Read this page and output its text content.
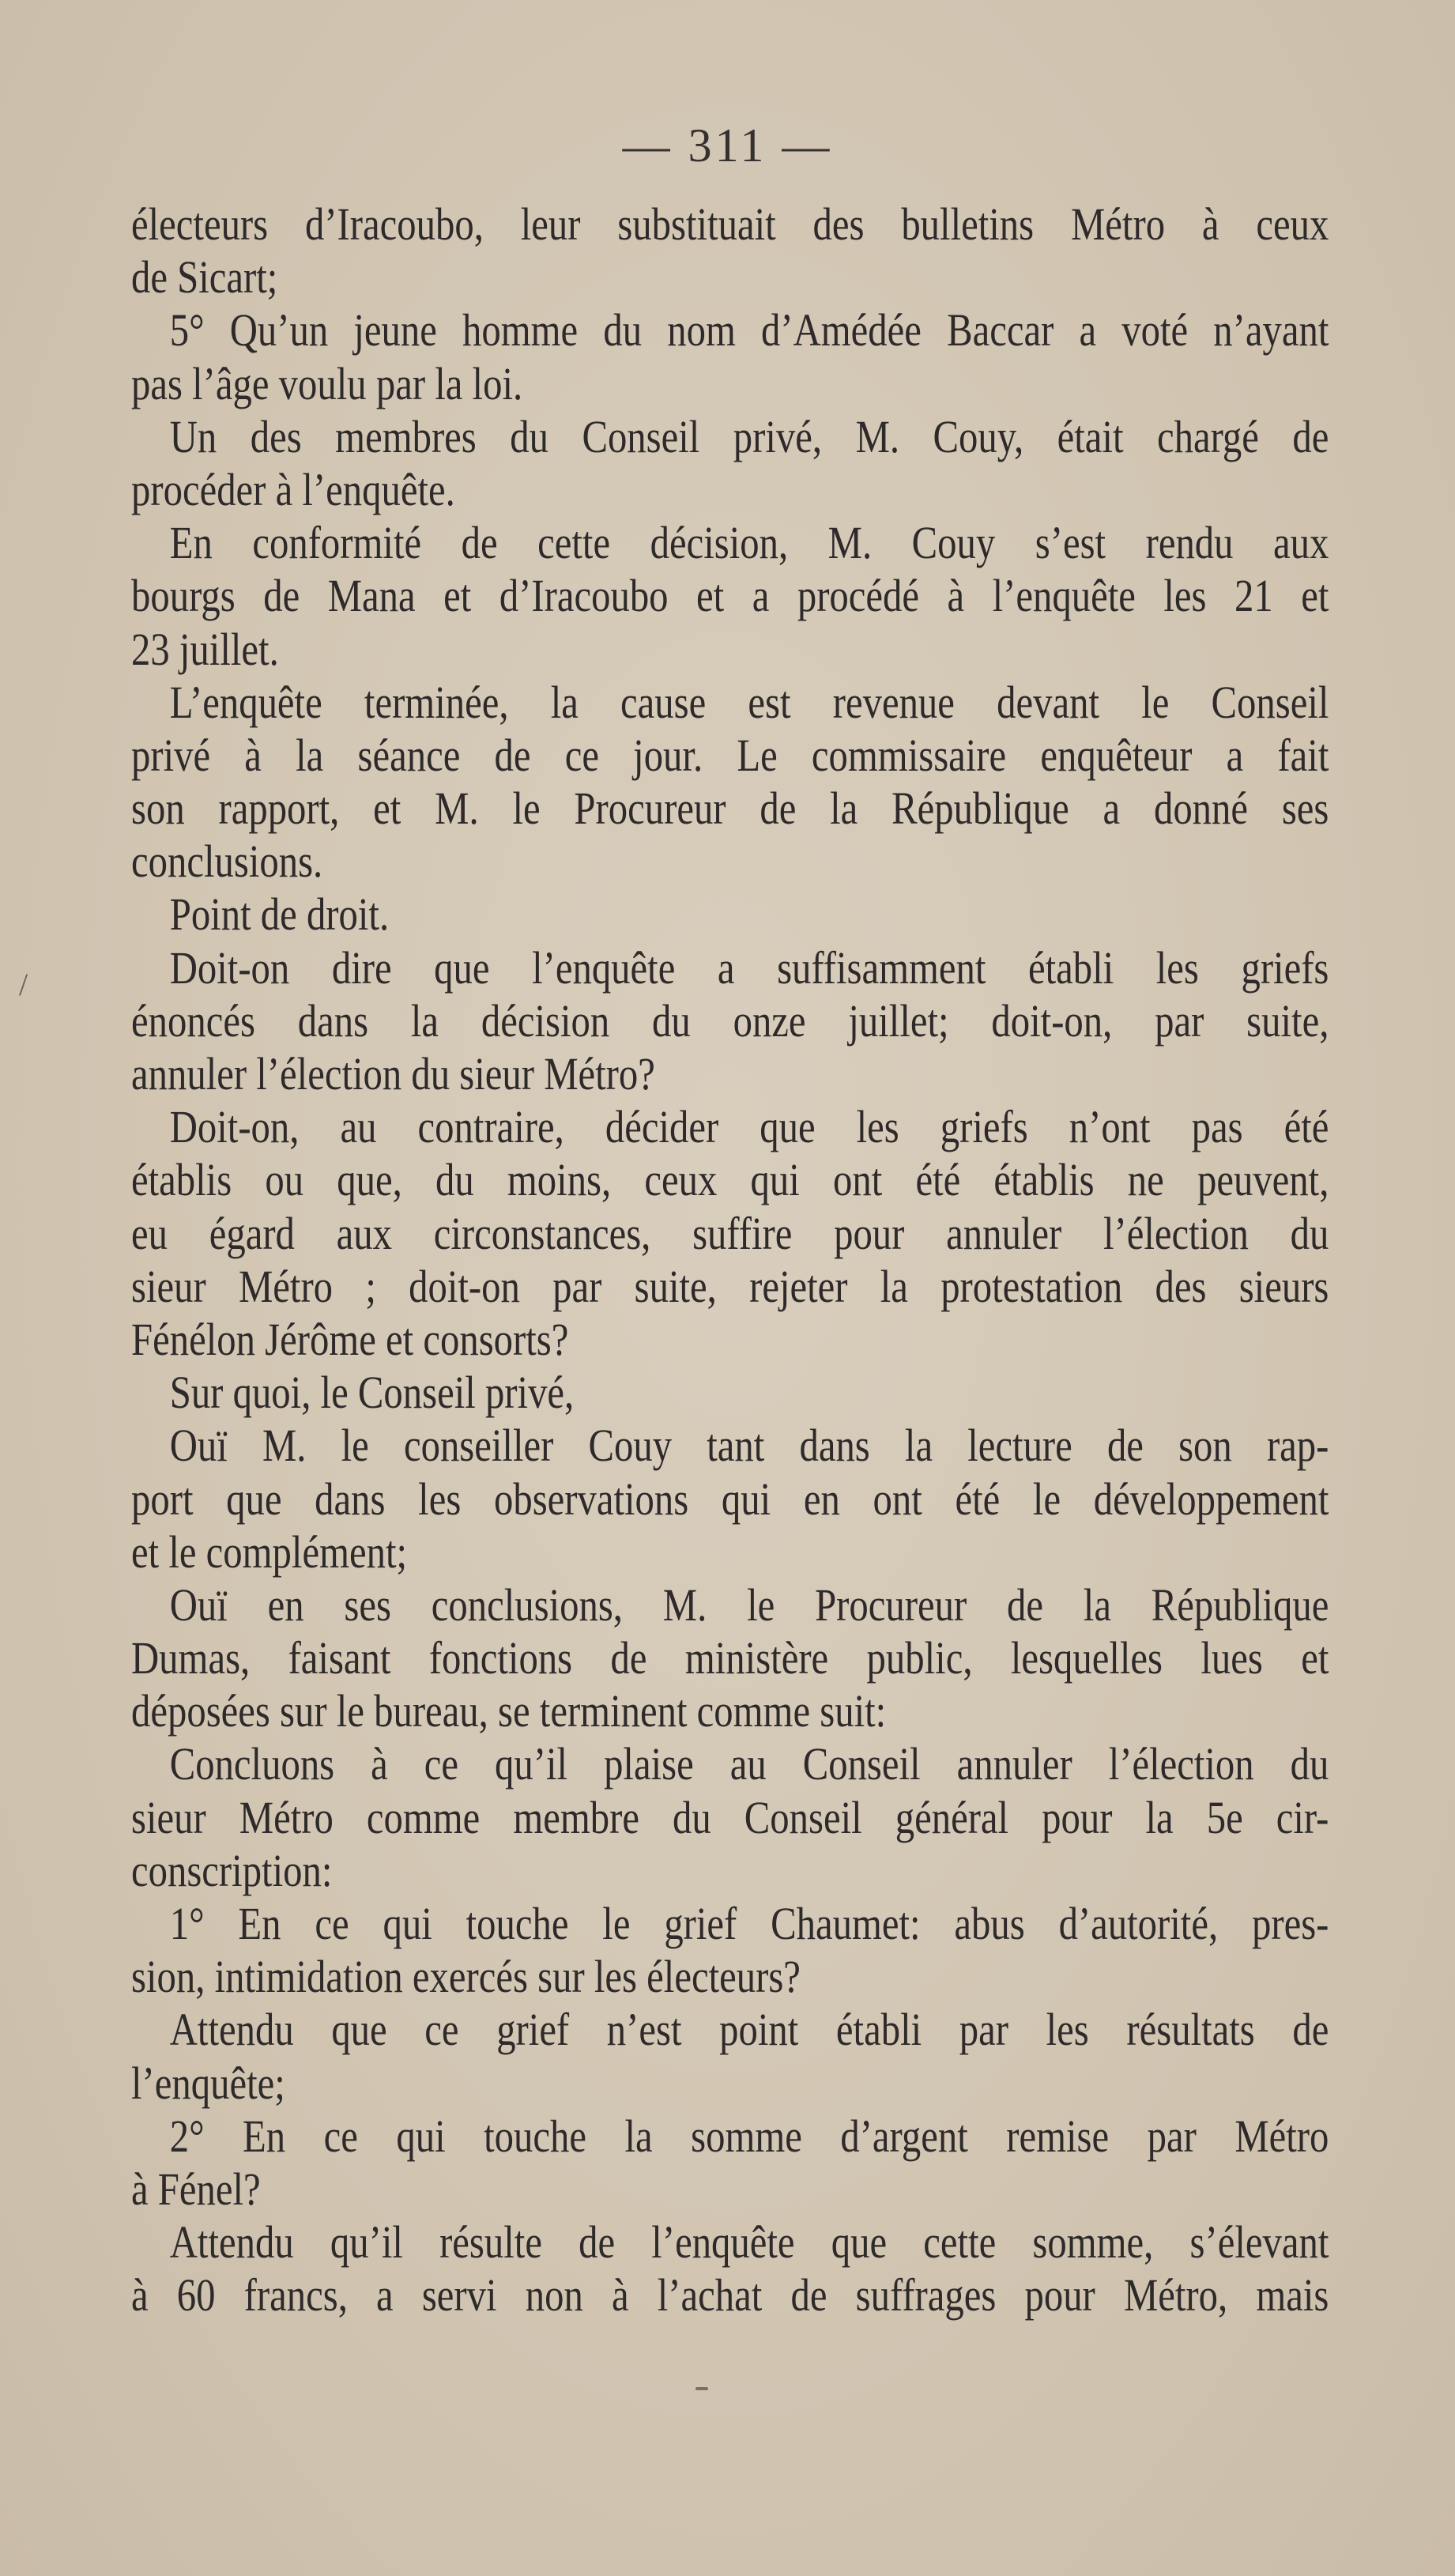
— 311 —
/
électeurs d’Iracoubo, leur substituait des bulletins Métro à ceux
de Sicart;
5° Qu’un jeune homme du nom d’Amédée Baccar a voté n’ayant
pas l’âge voulu par la loi.
Un des membres du Conseil privé, M. Couy, était chargé de
procéder à l’enquête.
En conformité de cette décision, M. Couy s’est rendu aux
bourgs de Mana et d’Iracoubo et a procédé à l’enquête les 21 et
23 juillet.
L’enquête terminée, la cause est revenue devant le Conseil
privé à la séance de ce jour. Le commissaire enquêteur a fait
son rapport, et M. le Procureur de la République a donné ses
conclusions.
Point de droit.
Doit-on dire que l’enquête a suffisamment établi les griefs
énoncés dans la décision du onze juillet; doit-on, par suite,
annuler l’élection du sieur Métro?
Doit-on, au contraire, décider que les griefs n’ont pas été
établis ou que, du moins, ceux qui ont été établis ne peuvent,
eu égard aux circonstances, suffire pour annuler l’élection du
sieur Métro ; doit-on par suite, rejeter la protestation des sieurs
Fénélon Jérôme et consorts?
Sur quoi, le Conseil privé,
Ouï M. le conseiller Couy tant dans la lecture de son rap-
port que dans les observations qui en ont été le développement
et le complément;
Ouï en ses conclusions, M. le Procureur de la République
Dumas, faisant fonctions de ministère public, lesquelles lues et
déposées sur le bureau, se terminent comme suit:
Concluons à ce qu’il plaise au Conseil annuler l’élection du
sieur Métro comme membre du Conseil général pour la 5e cir-
conscription:
1° En ce qui touche le grief Chaumet: abus d’autorité, pres-
sion, intimidation exercés sur les électeurs?
Attendu que ce grief n’est point établi par les résultats de
l’enquête;
2° En ce qui touche la somme d’argent remise par Métro
à Fénel?
Attendu qu’il résulte de l’enquête que cette somme, s’élevant
à 60 francs, a servi non à l’achat de suffrages pour Métro, mais
